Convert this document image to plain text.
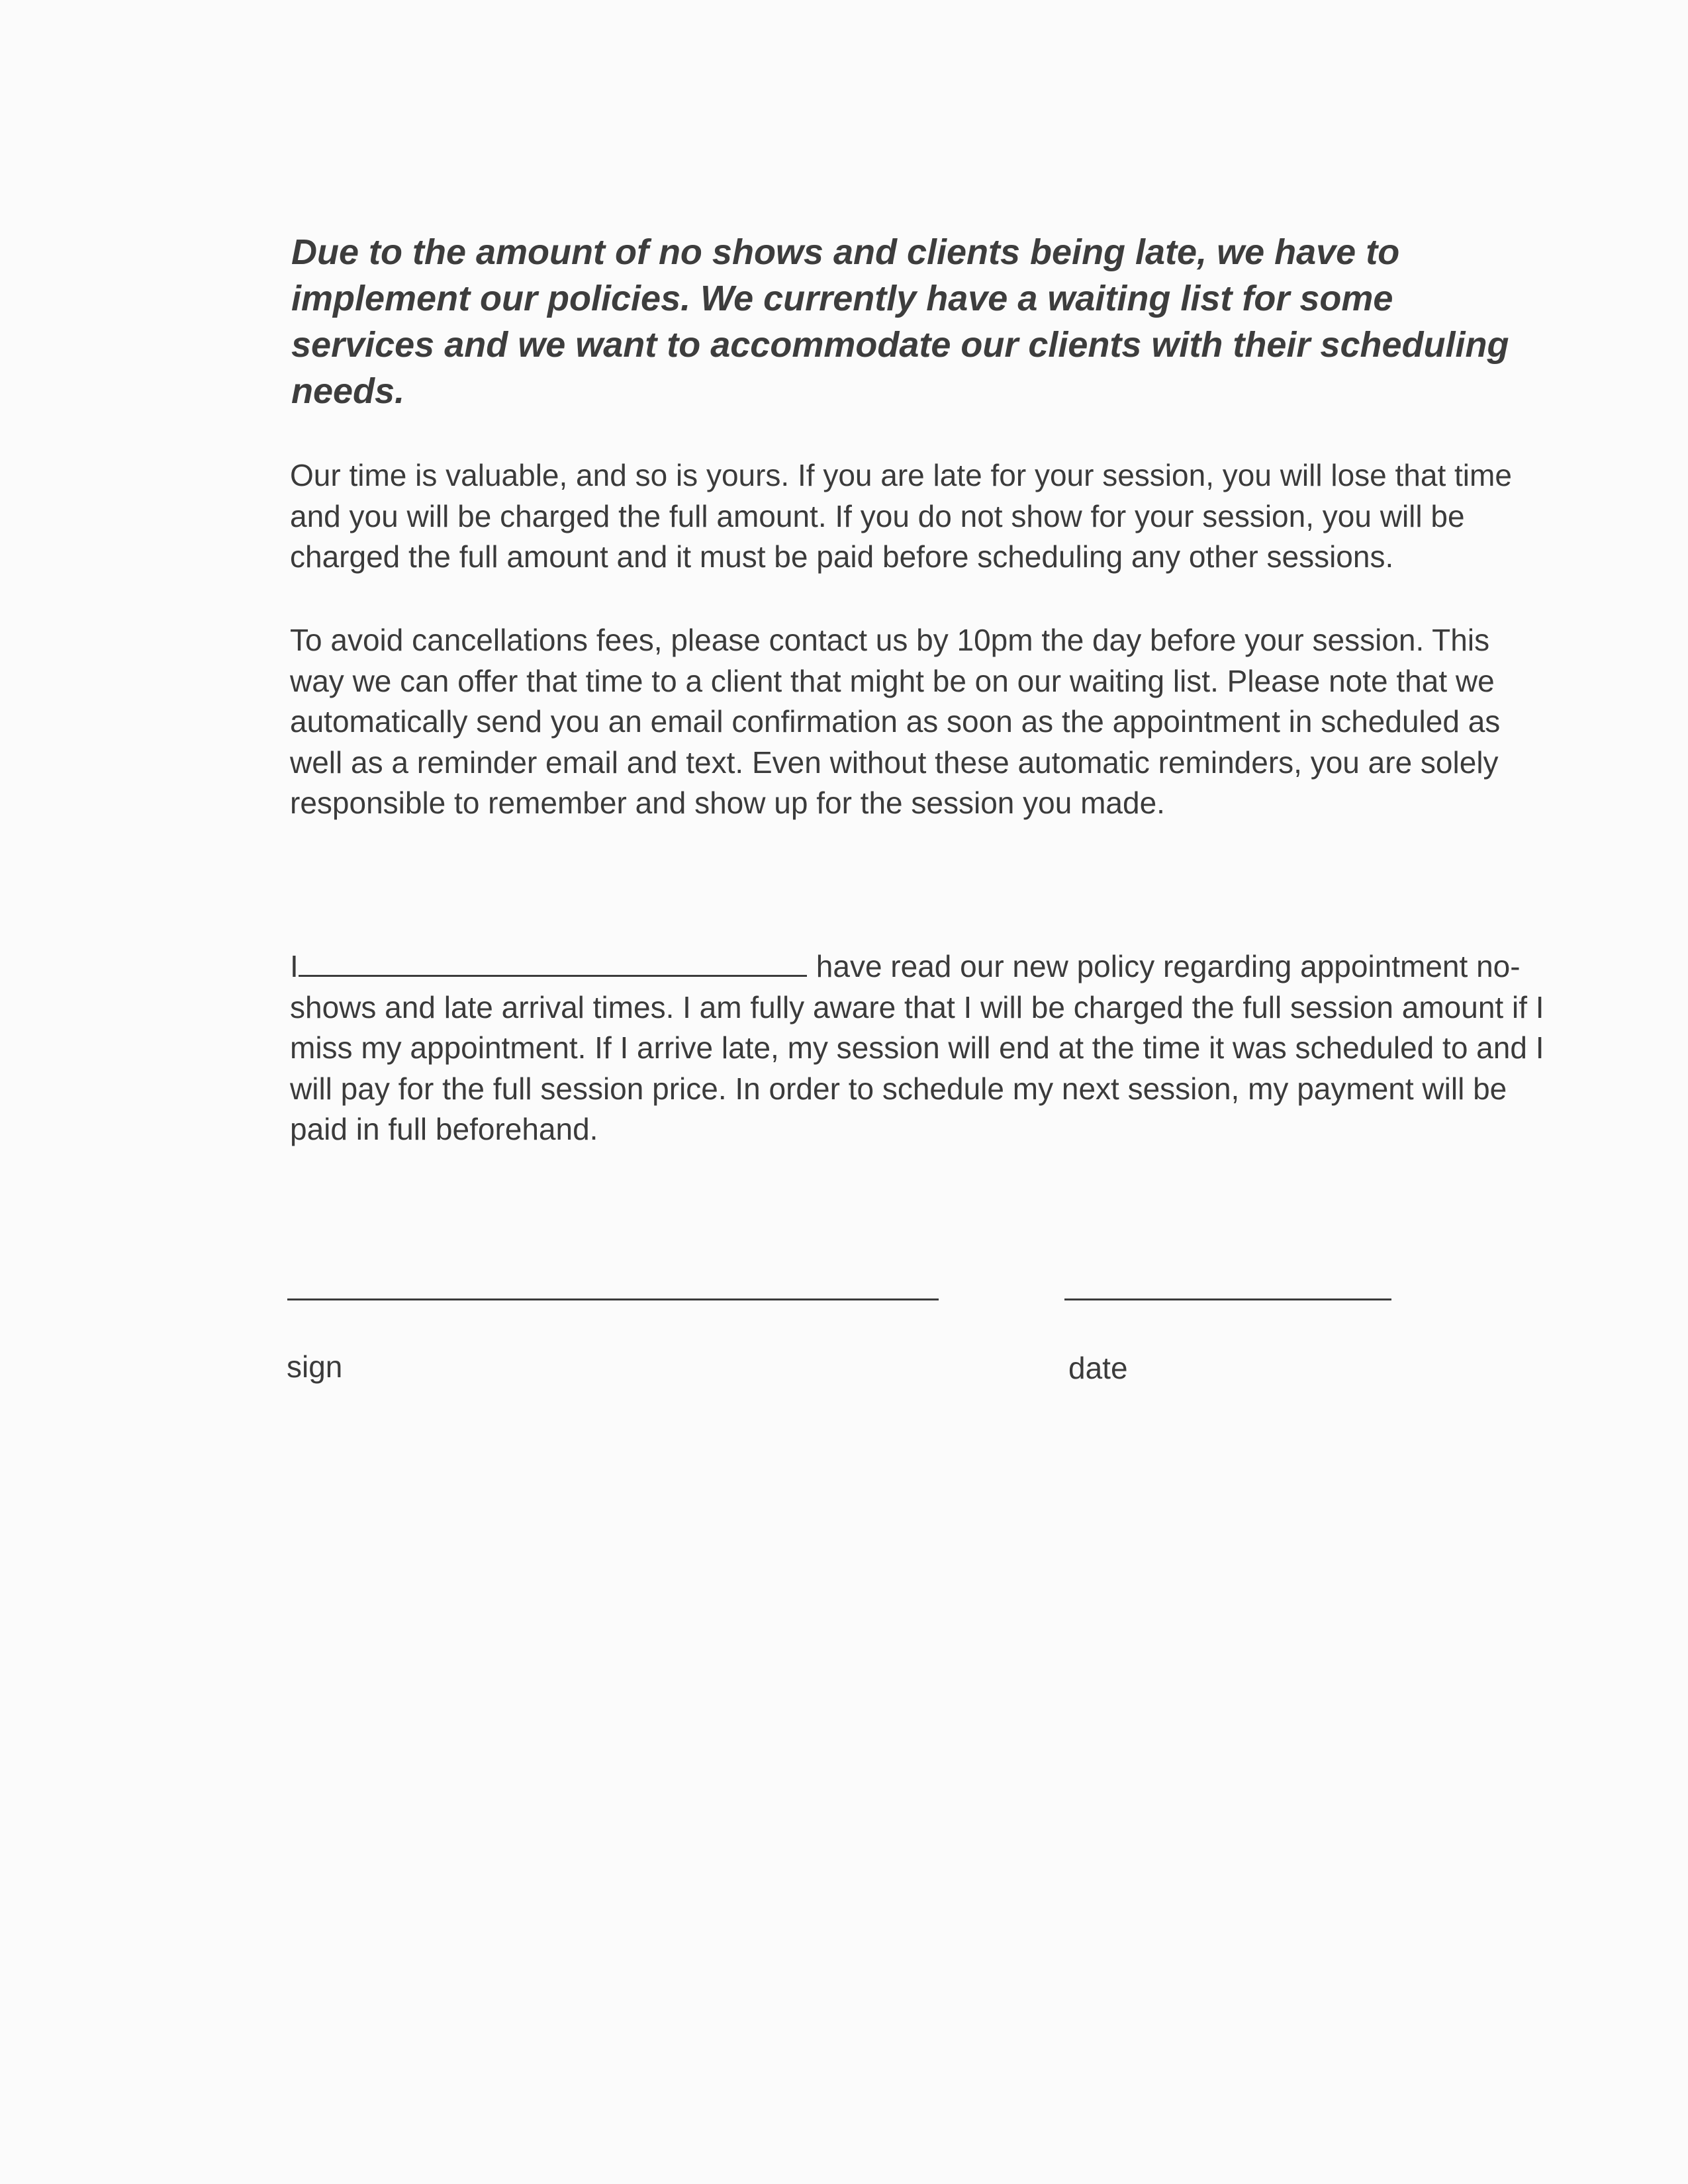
Due to the amount of no shows and clients being late, we have to implement our policies. We currently have a waiting list for some services and we want to accommodate our clients with their scheduling needs.

Our time is valuable, and so is yours. If you are late for your session, you will lose that time and you will be charged the full amount. If you do not show for your session, you will be charged the full amount and it must be paid before scheduling any other sessions.

To avoid cancellations fees, please contact us by 10pm the day before your session. This way we can offer that time to a client that might be on our waiting list. Please note that we automatically send you an email confirmation as soon as the appointment in scheduled as well as a reminder email and text. Even without these automatic reminders, you are solely responsible to remember and show up for the session you made.

I	have read our new policy regarding appointment no-shows and late arrival times. I am fully aware that I will be charged the full session amount if I miss my appointment. If I arrive late, my session will end at the time it was scheduled to and I will pay for the full session price. In order to schedule my next session, my payment will be paid in full beforehand.

sign	date
